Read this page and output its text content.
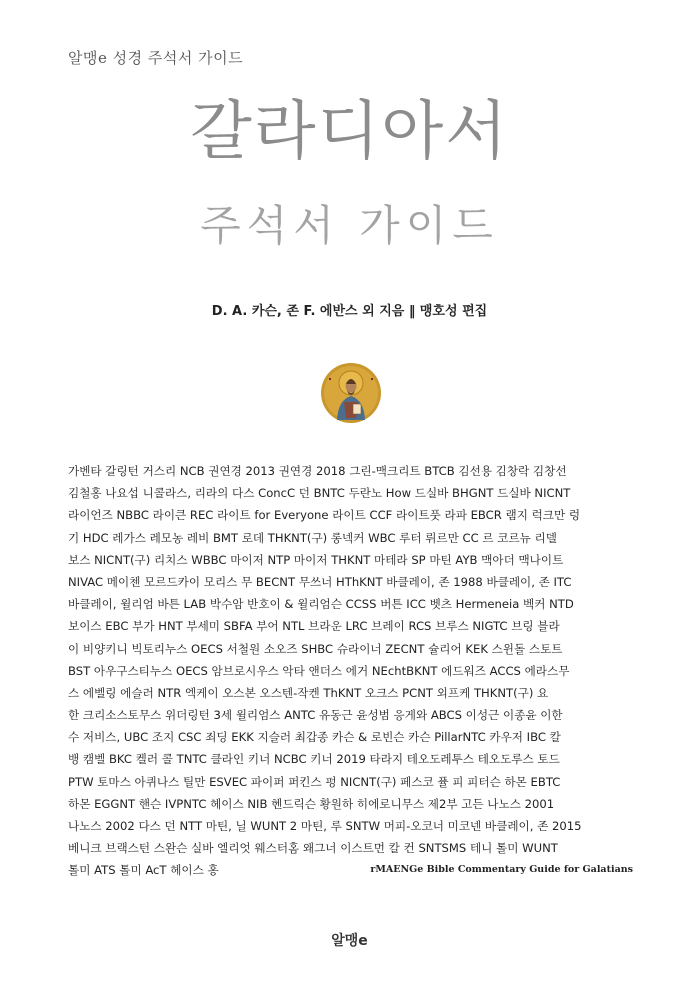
알맹e 성경 주석서 가이드
갈라디아서
주석서 가이드
D. A. 카슨, 존 F. 에반스 외 지음 ‖ 맹호성 편집
가벤타 갈링턴 거스리 NCB 권연경 2013 권연경 2018 그린-맥크리트 BTCB 김선용 김창락 김창선
김철홍 나요섭 니콜라스, 리라의 다스 ConcC 던 BNTC 두란노 How 드실바 BHGNT 드실바 NICNT
라이언즈 NBBC 라이큰 REC 라이트 for Everyone 라이트 CCF 라이트풋 라파 EBCR 램지 럭크만 렁
기 HDC 레가스 레모농 레비 BMT 로데 THKNT(구) 롱넥커 WBC 루터 뤼르만 CC 르 코르뉴 리델
보스 NICNT(구) 리치스 WBBC 마이저 NTP 마이저 THKNT 마테라 SP 마틴 AYB 맥아더 맥나이트
NIVAC 메이첸 모르드카이 모리스 무 BECNT 무쓰너 HThKNT 바클레이, 존 1988 바클레이, 존 ITC
바클레이, 윌리엄 바튼 LAB 박수암 반호이 & 윌리엄슨 CCSS 버튼 ICC 벳츠 Hermeneia 벡커 NTD
보이스 EBC 부가 HNT 부세미 SBFA 부어 NTL 브라운 LRC 브레이 RCS 브루스 NIGTC 브링 블라
이 비양키니 빅토리누스 OECS 서철원 소오즈 SHBC 슈라이너 ZECNT 슐리어 KEK 스윈돌 스토트
BST 아우구스티누스 OECS 암브로시우스 악타 앤더스 에거 NEchtBKNT 에드워즈 ACCS 에라스무
스 에벨링 에슬러 NTR 엑케이 오스본 오스텐-작켄 ThKNT 오크스 PCNT 외프케 THKNT(구) 요
한 크리소스토무스 위더링턴 3세 윌리엄스 ANTC 유동근 윤성범 응게와 ABCS 이성근 이종윤 이한
수 저비스, UBC 조지 CSC 죄딩 EKK 지슬러 최갑종 카슨 & 로빈슨 카슨 PillarNTC 카우저 IBC 칼
뱅 캠벨 BKC 켈러 콜 TNTC 클라인 키너 NCBC 키너 2019 타라지 테오도레투스 테오도루스 토드
PTW 토마스 아퀴나스 틸만 ESVEC 파이퍼 퍼킨스 펑 NICNT(구) 페스코 퓰 피 피터슨 하몬 EBTC
하몬 EGGNT 핸슨 IVPNTC 헤이스 NIB 헨드릭슨 황원하 히에로니무스 제2부 고든 나노스 2001
나노스 2002 다스 던 NTT 마틴, 닐 WUNT 2 마틴, 루 SNTW 머피-오코너 미코넨 바클레이, 존 2015
베니크 브랙스턴 스완슨 실바 엘리엇 웨스터홈 왜그너 이스트먼 칼 컨 SNTSMS 테니 톨미 WUNT
톨미 ATS 톨미 AcT 헤이스 홍	rMAENGe Bible Commentary Guide for Galatians
알맹e
